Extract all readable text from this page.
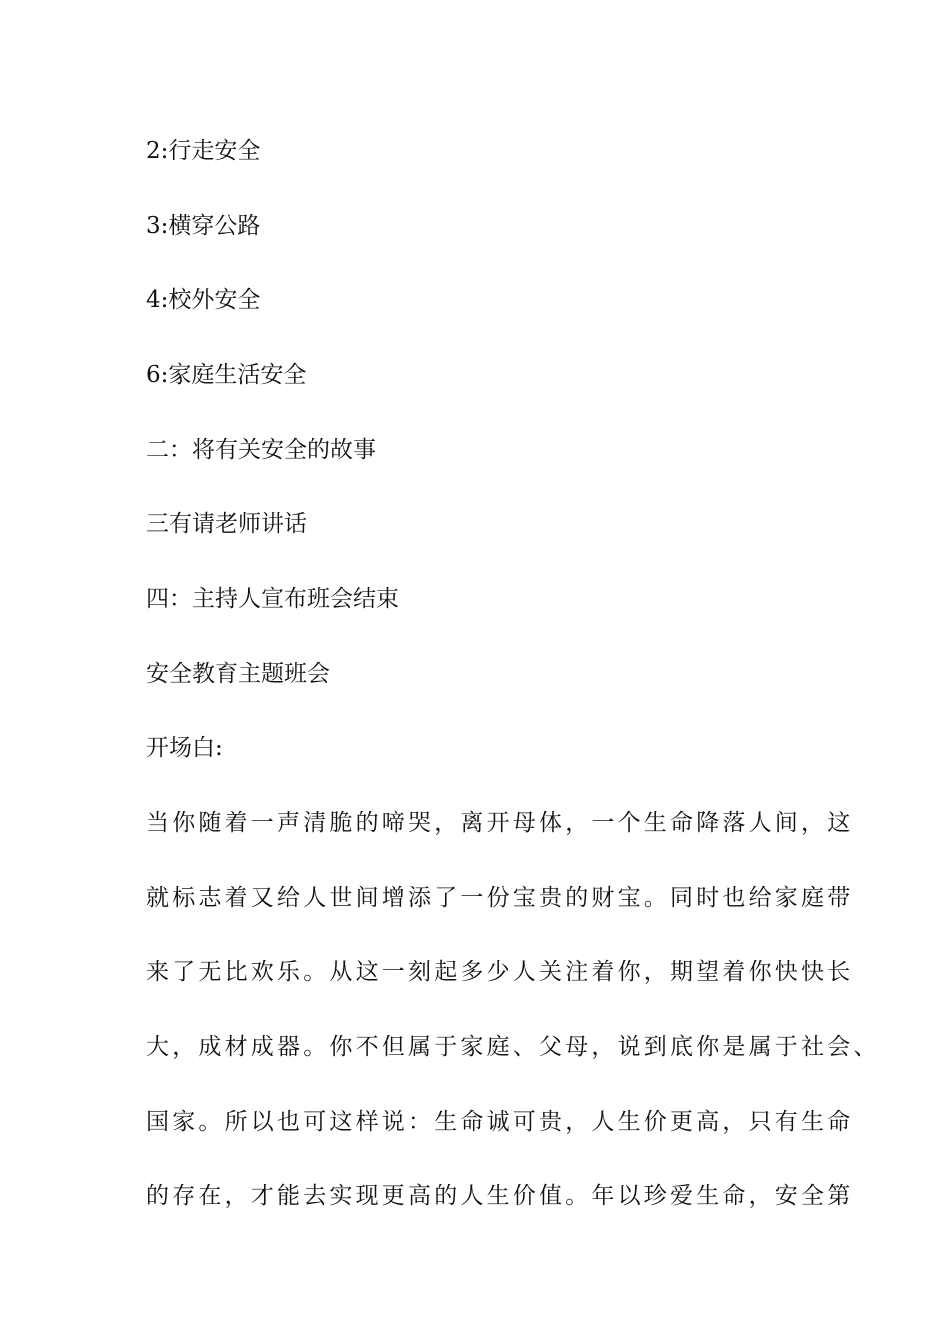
2:行走安全

3:横穿公路

4:校外安全

6:家庭生活安全

二：将有关安全的故事

三有请老师讲话

四：主持人宣布班会结束

安全教育主题班会

开场白:

当你随着一声清脆的啼哭，离开母体，一个生命降落人间，这

就标志着又给人世间增添了一份宝贵的财宝。同时也给家庭带

来了无比欢乐。从这一刻起多少人关注着你，期望着你快快长

大，成材成器。你不但属于家庭、父母，说到底你是属于社会、

国家。所以也可这样说：生命诚可贵，人生价更高，只有生命

的存在，才能去实现更高的人生价值。年以珍爱生命，安全第
